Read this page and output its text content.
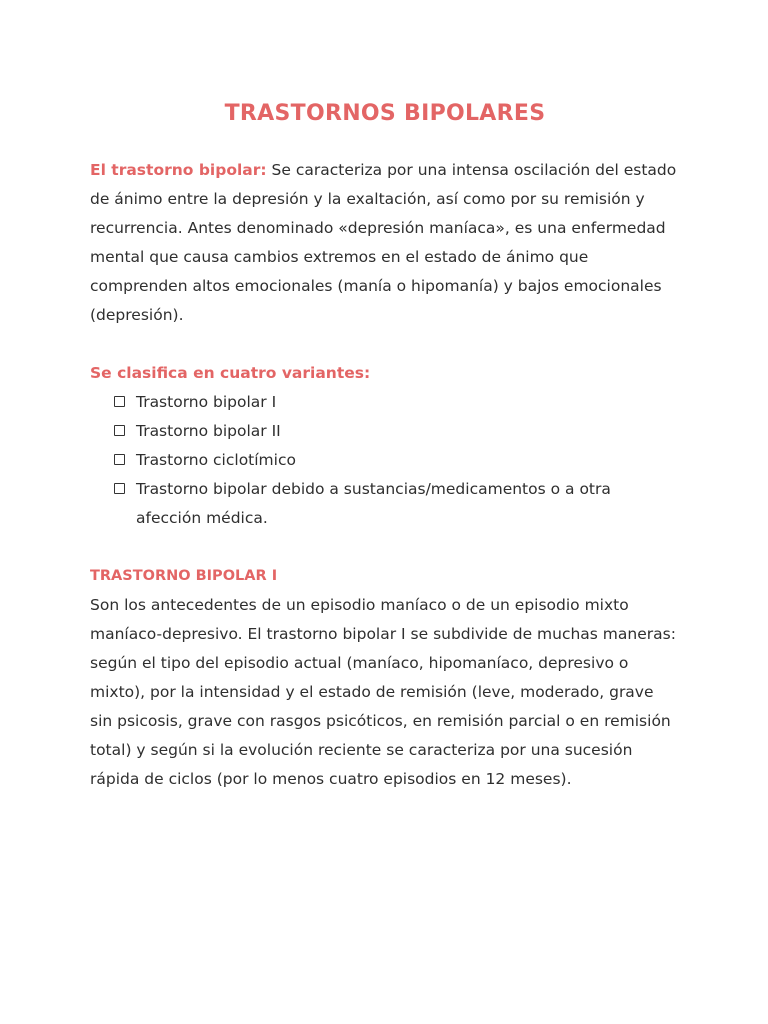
TRASTORNOS BIPOLARES

El trastorno bipolar: Se caracteriza por una intensa oscilación del estado de ánimo entre la depresión y la exaltación, así como por su remisión y recurrencia. Antes denominado «depresión maníaca», es una enfermedad mental que causa cambios extremos en el estado de ánimo que comprenden altos emocionales (manía o hipomanía) y bajos emocionales (depresión).

Se clasifica en cuatro variantes:

Trastorno bipolar I
Trastorno bipolar II
Trastorno ciclotímico
Trastorno bipolar debido a sustancias/medicamentos o a otra afección médica.

TRASTORNO BIPOLAR I

Son los antecedentes de un episodio maníaco o de un episodio mixto maníaco-depresivo. El trastorno bipolar I se subdivide de muchas maneras: según el tipo del episodio actual (maníaco, hipomaníaco, depresivo o mixto), por la intensidad y el estado de remisión (leve, moderado, grave sin psicosis, grave con rasgos psicóticos, en remisión parcial o en remisión total) y según si la evolución reciente se caracteriza por una sucesión rápida de ciclos (por lo menos cuatro episodios en 12 meses).
